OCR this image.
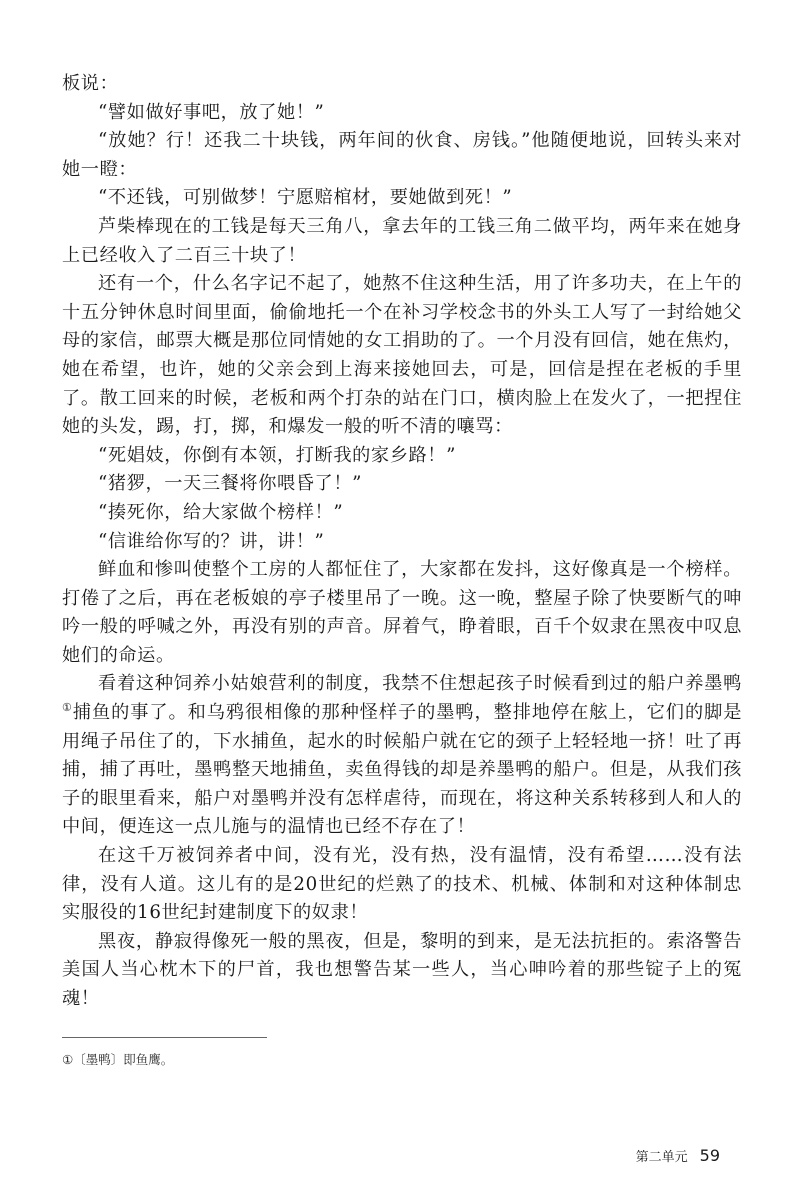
板说：

“譬如做好事吧，放了她！”

“放她？行！还我二十块钱，两年间的伙食、房钱。”他随便地说，回转头来对她一瞪：

“不还钱，可别做梦！宁愿赔棺材，要她做到死！”

芦柴棒现在的工钱是每天三角八，拿去年的工钱三角二做平均，两年来在她身上已经收入了二百三十块了！

还有一个，什么名字记不起了，她熬不住这种生活，用了许多功夫，在上午的十五分钟休息时间里面，偷偷地托一个在补习学校念书的外头工人写了一封给她父母的家信，邮票大概是那位同情她的女工捐助的了。一个月没有回信，她在焦灼，她在希望，也许，她的父亲会到上海来接她回去，可是，回信是捏在老板的手里了。散工回来的时候，老板和两个打杂的站在门口，横肉脸上在发火了，一把捏住她的头发，踢，打，掷，和爆发一般的听不清的嚷骂：

“死娼妓，你倒有本领，打断我的家乡路！”

“猪猡，一天三餐将你喂昏了！”

“揍死你，给大家做个榜样！”

“信谁给你写的？讲，讲！”

鲜血和惨叫使整个工房的人都怔住了，大家都在发抖，这好像真是一个榜样。打倦了之后，再在老板娘的亭子楼里吊了一晚。这一晚，整屋子除了快要断气的呻吟一般的呼喊之外，再没有别的声音。屏着气，睁着眼，百千个奴隶在黑夜中叹息她们的命运。

看着这种饲养小姑娘营利的制度，我禁不住想起孩子时候看到过的船户养墨鸭①捕鱼的事了。和乌鸦很相像的那种怪样子的墨鸭，整排地停在舷上，它们的脚是用绳子吊住了的，下水捕鱼，起水的时候船户就在它的颈子上轻轻地一挤！吐了再捕，捕了再吐，墨鸭整天地捕鱼，卖鱼得钱的却是养墨鸭的船户。但是，从我们孩子的眼里看来，船户对墨鸭并没有怎样虐待，而现在，将这种关系转移到人和人的中间，便连这一点儿施与的温情也已经不存在了！

在这千万被饲养者中间，没有光，没有热，没有温情，没有希望……没有法律，没有人道。这儿有的是20世纪的烂熟了的技术、机械、体制和对这种体制忠实服役的16世纪封建制度下的奴隶！

黑夜，静寂得像死一般的黑夜，但是，黎明的到来，是无法抗拒的。索洛警告美国人当心枕木下的尸首，我也想警告某一些人，当心呻吟着的那些锭子上的冤魂！

①〔墨鸭〕即鱼鹰。
第二单元 59
